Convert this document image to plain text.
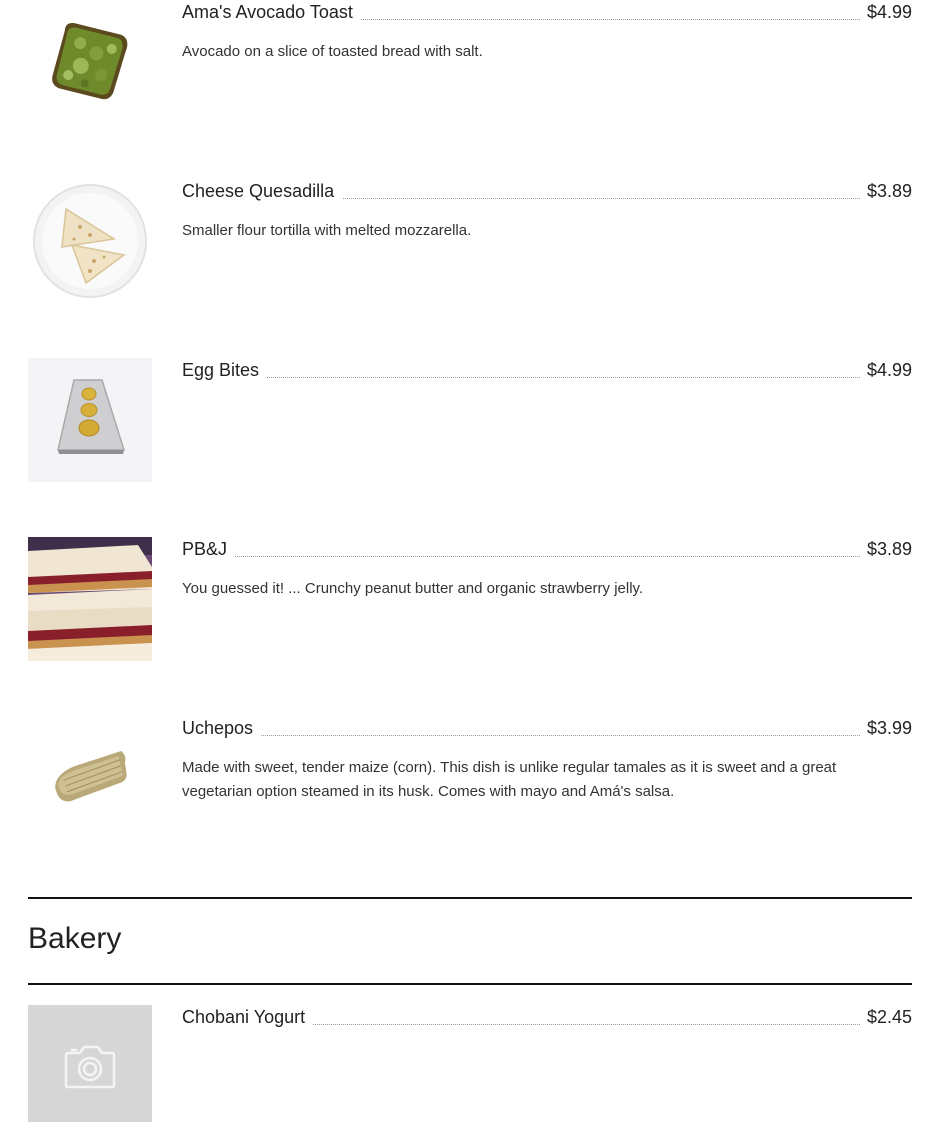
Ama's Avocado Toast	$4.99
Avocado on a slice of toasted bread with salt.
Cheese Quesadilla	$3.89
Smaller flour tortilla with melted mozzarella.
Egg Bites	$4.99
PB&J	$3.89
You guessed it! ... Crunchy peanut butter and organic strawberry jelly.
Uchepos	$3.99
Made with sweet, tender maize (corn). This dish is unlike regular tamales as it is sweet and a great vegetarian option steamed in its husk. Comes with mayo and Amá's salsa.
Bakery
Chobani Yogurt	$2.45
